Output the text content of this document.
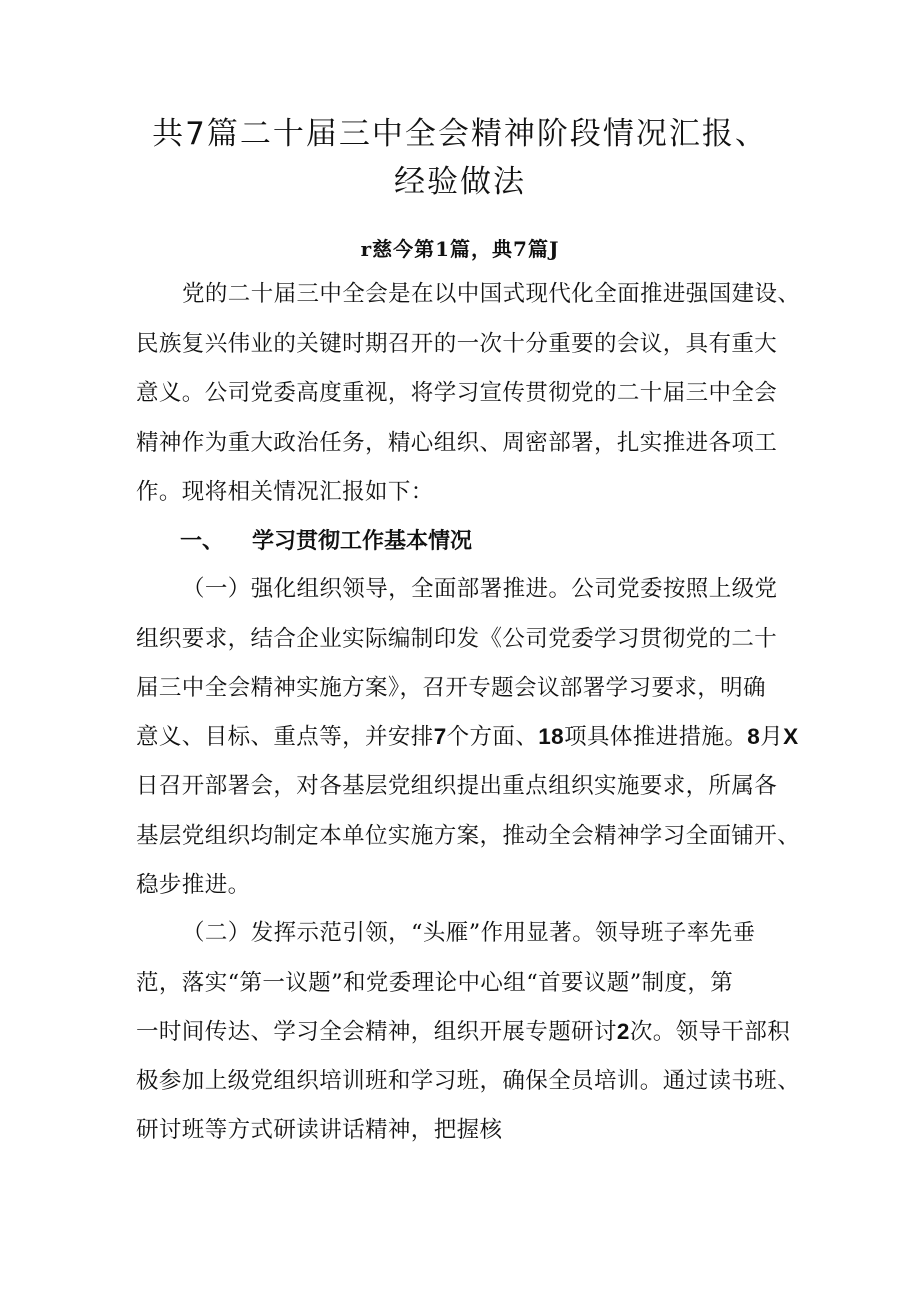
共7篇二十届三中全会精神阶段情况汇报、
经验做法
r慈今第1篇，典7篇J
党的二十届三中全会是在以中国式现代化全面推进强国建设、
民族复兴伟业的关键时期召开的一次十分重要的会议，具有重大
意义。公司党委高度重视，将学习宣传贯彻党的二十届三中全会
精神作为重大政治任务，精心组织、周密部署，扎实推进各项工
作。现将相关情况汇报如下：
一、 学习贯彻工作基本情况
（一）强化组织领导，全面部署推进。公司党委按照上级党
组织要求，结合企业实际编制印发《公司党委学习贯彻党的二十
届三中全会精神实施方案》，召开专题会议部署学习要求，明确
意义、目标、重点等，并安排7个方面、18项具体推进措施。8月X
日召开部署会，对各基层党组织提出重点组织实施要求，所属各
基层党组织均制定本单位实施方案，推动全会精神学习全面铺开、
稳步推进。
（二）发挥示范引领，“头雁”作用显著。领导班子率先垂
范，落实“第一议题”和党委理论中心组“首要议题”制度，第
一时间传达、学习全会精神，组织开展专题研讨2次。领导干部积
极参加上级党组织培训班和学习班，确保全员培训。通过读书班、
研讨班等方式研读讲话精神，把握核
